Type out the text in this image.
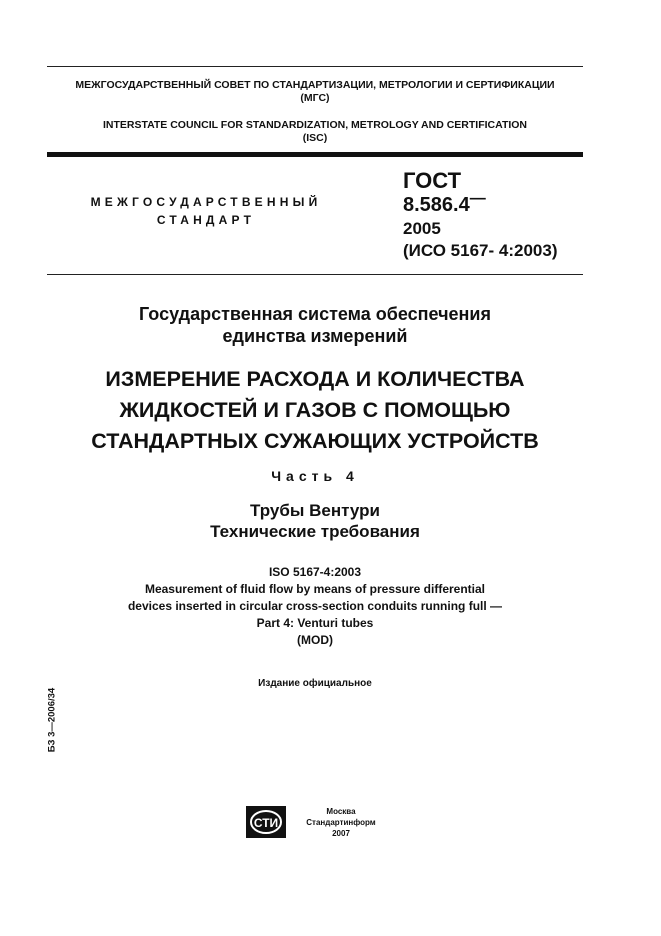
МЕЖГОСУДАРСТВЕННЫЙ СОВЕТ ПО СТАНДАРТИЗАЦИИ, МЕТРОЛОГИИ И СЕРТИФИКАЦИИ
(МГС)
INTERSTATE COUNCIL FOR STANDARDIZATION, METROLOGY AND CERTIFICATION
(ISC)
МЕЖГОСУДАРСТВЕННЫЙ
СТАНДАРТ
ГОСТ
8.586.4—
2005
(ИСО 5167- 4:2003)
Государственная система обеспечения
единства измерений
ИЗМЕРЕНИЕ РАСХОДА И КОЛИЧЕСТВА
ЖИДКОСТЕЙ И ГАЗОВ С ПОМОЩЬЮ
СТАНДАРТНЫХ СУЖАЮЩИХ УСТРОЙСТВ
Часть 4
Трубы Вентури
Технические требования
ISO 5167-4:2003
Measurement of fluid flow by means of pressure differential
devices inserted in circular cross-section conduits running full —
Part 4: Venturi tubes
(MOD)
Издание официальное
БЗ 3—2006/34
СТИ
Москва
Стандартинформ
2007
